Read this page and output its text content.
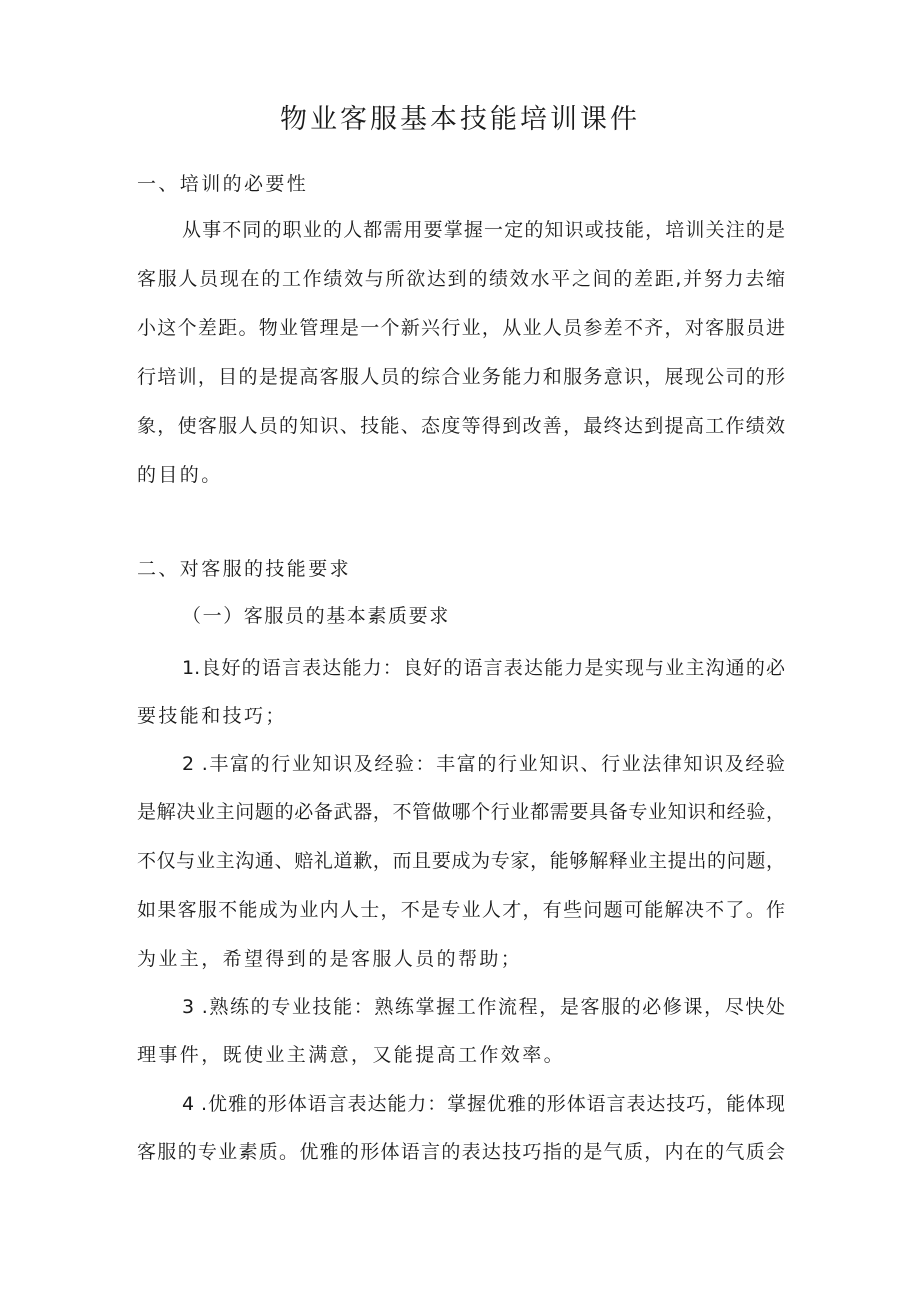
物业客服基本技能培训课件

一、培训的必要性

从事不同的职业的人都需用要掌握一定的知识或技能，培训关注的是

客服人员现在的工作绩效与所欲达到的绩效水平之间的差距,并努力去缩

小这个差距。物业管理是一个新兴行业，从业人员参差不齐，对客服员进

行培训，目的是提高客服人员的综合业务能力和服务意识，展现公司的形

象，使客服人员的知识、技能、态度等得到改善，最终达到提高工作绩效

的目的。

二、对客服的技能要求

（一）客服员的基本素质要求

1.良好的语言表达能力：良好的语言表达能力是实现与业主沟通的必

要技能和技巧；

2 .丰富的行业知识及经验：丰富的行业知识、行业法律知识及经验

是解决业主问题的必备武器，不管做哪个行业都需要具备专业知识和经验，

不仅与业主沟通、赔礼道歉，而且要成为专家，能够解释业主提出的问题，

如果客服不能成为业内人士，不是专业人才，有些问题可能解决不了。作

为业主，希望得到的是客服人员的帮助；

3 .熟练的专业技能：熟练掌握工作流程，是客服的必修课，尽快处

理事件，既使业主满意，又能提高工作效率。

4 .优雅的形体语言表达能力：掌握优雅的形体语言表达技巧，能体现

客服的专业素质。优雅的形体语言的表达技巧指的是气质，内在的气质会
